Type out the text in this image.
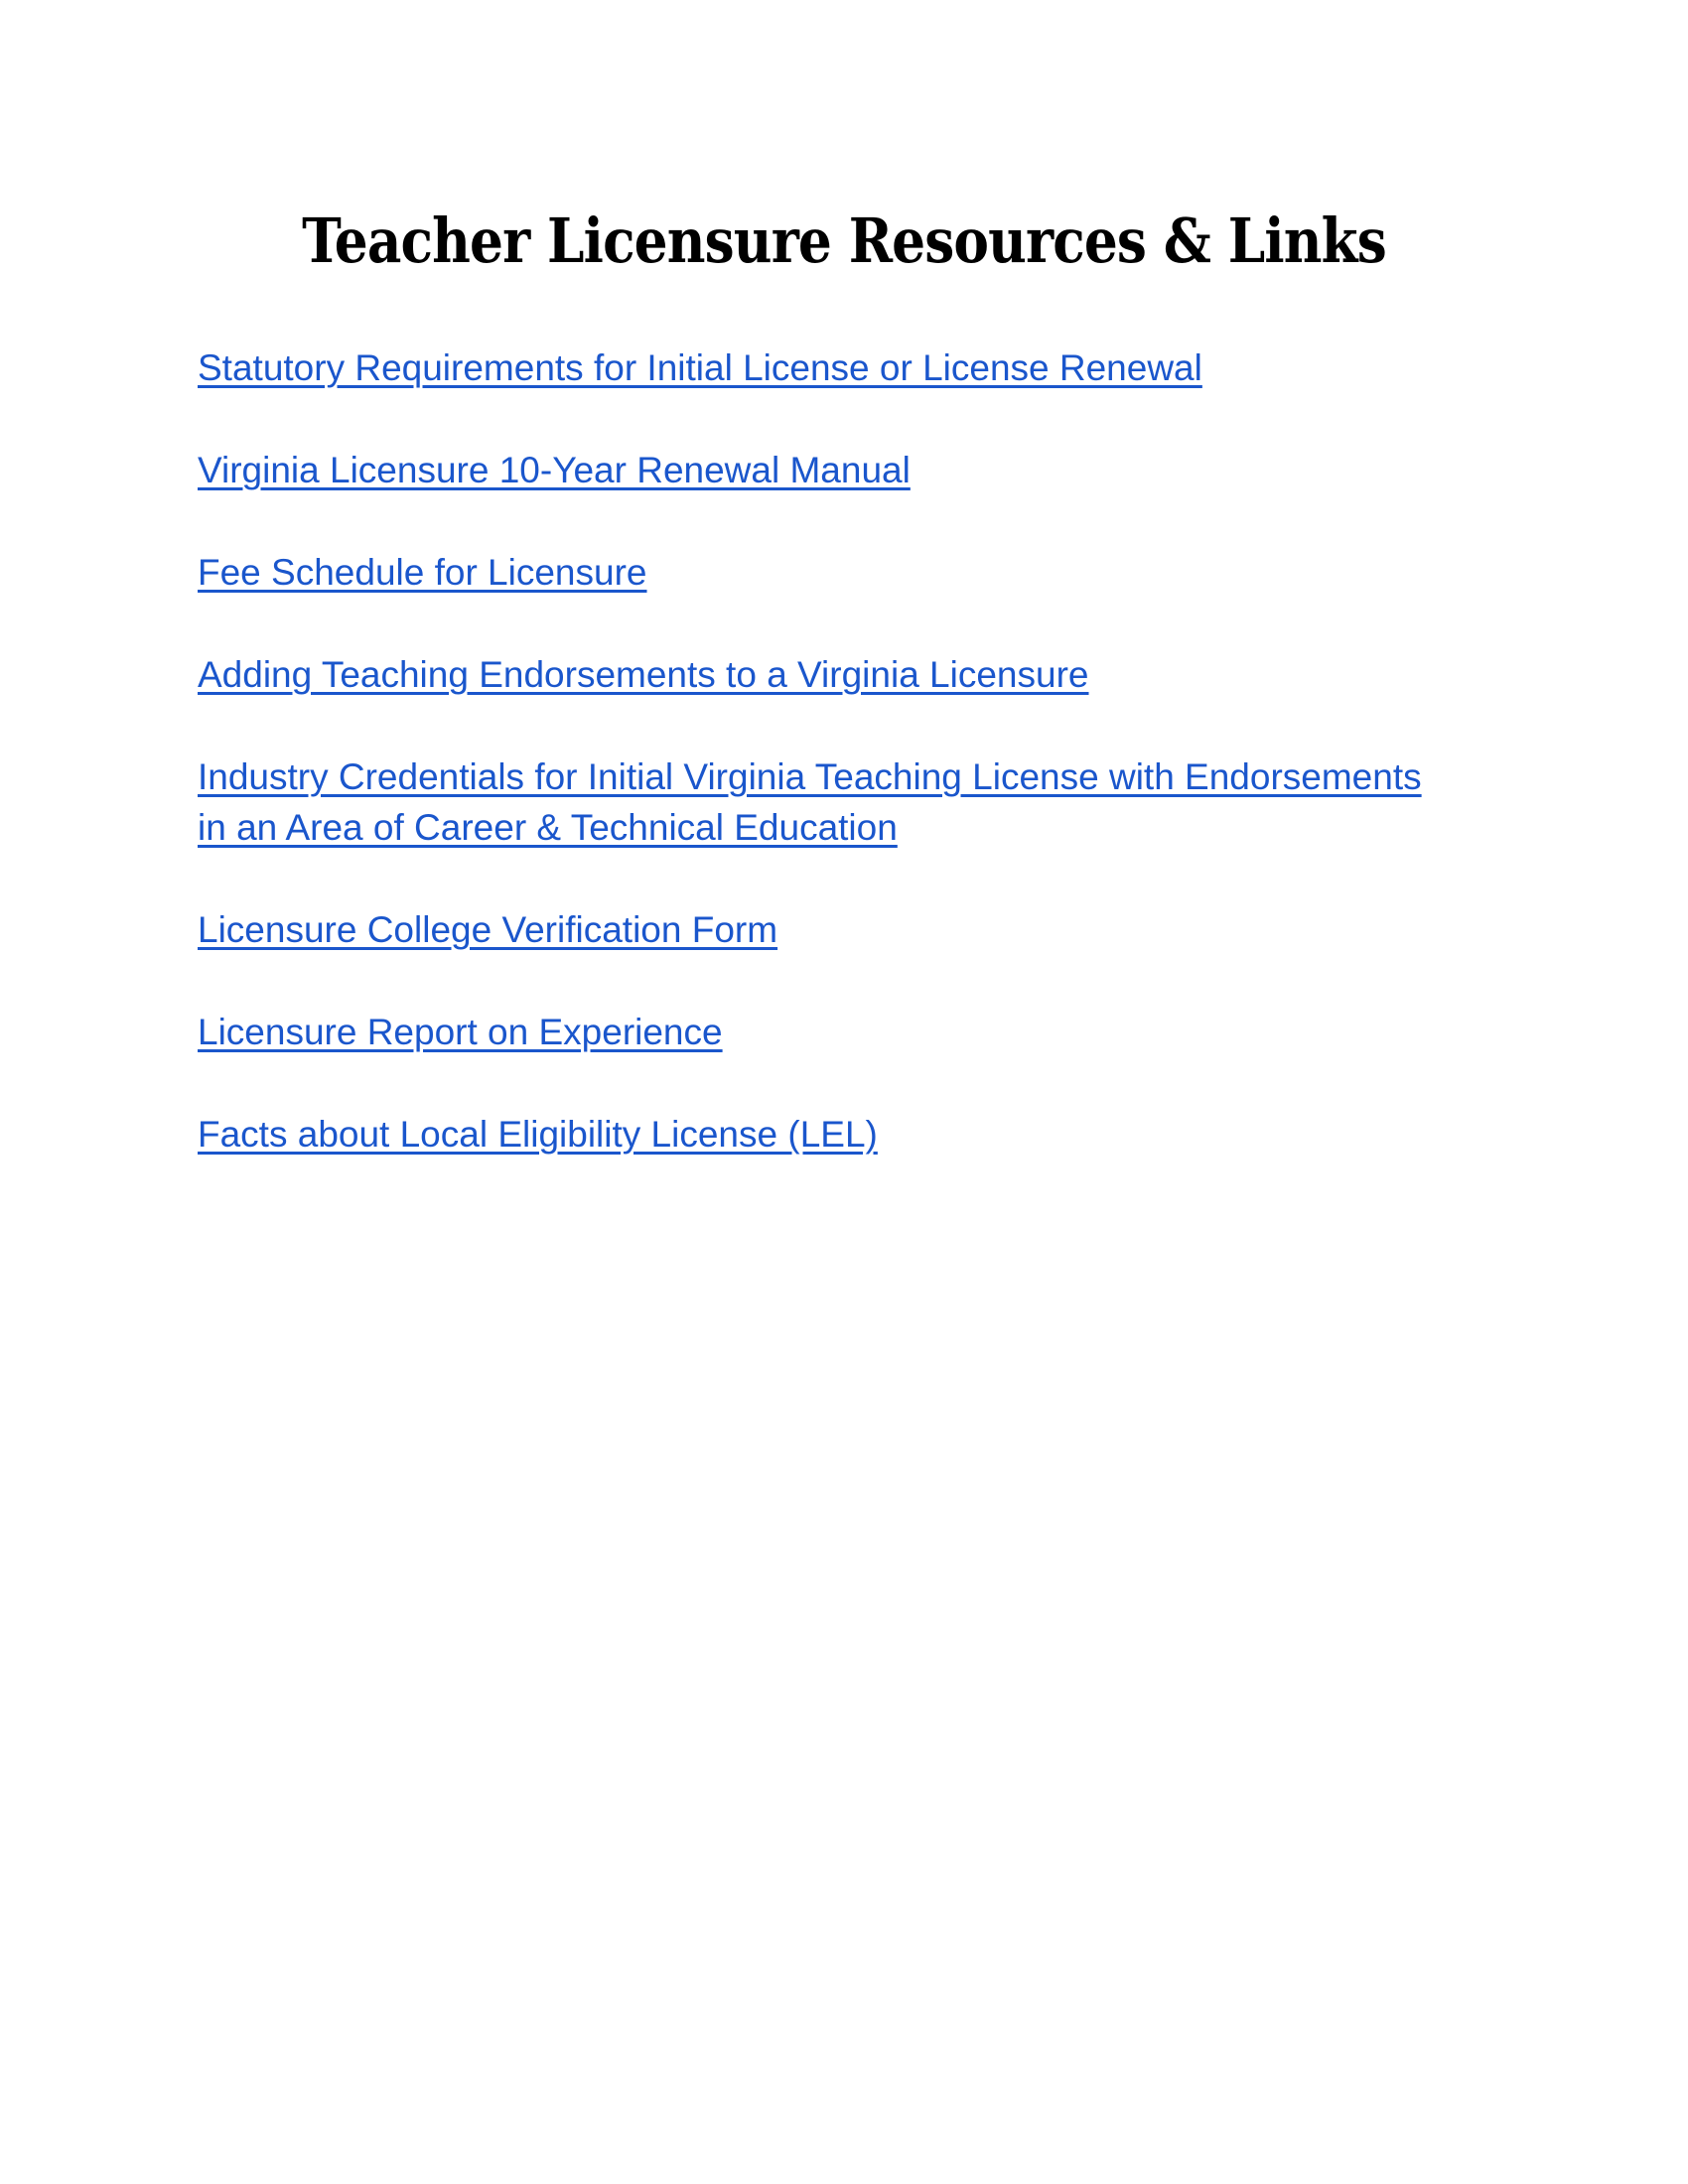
Teacher Licensure Resources & Links
Statutory Requirements for Initial License or License Renewal
Virginia Licensure 10-Year Renewal Manual
Fee Schedule for Licensure
Adding Teaching Endorsements to a Virginia Licensure
Industry Credentials for Initial Virginia Teaching License with Endorsements
in an Area of Career & Technical Education
Licensure College Verification Form
Licensure Report on Experience
Facts about Local Eligibility License (LEL)
